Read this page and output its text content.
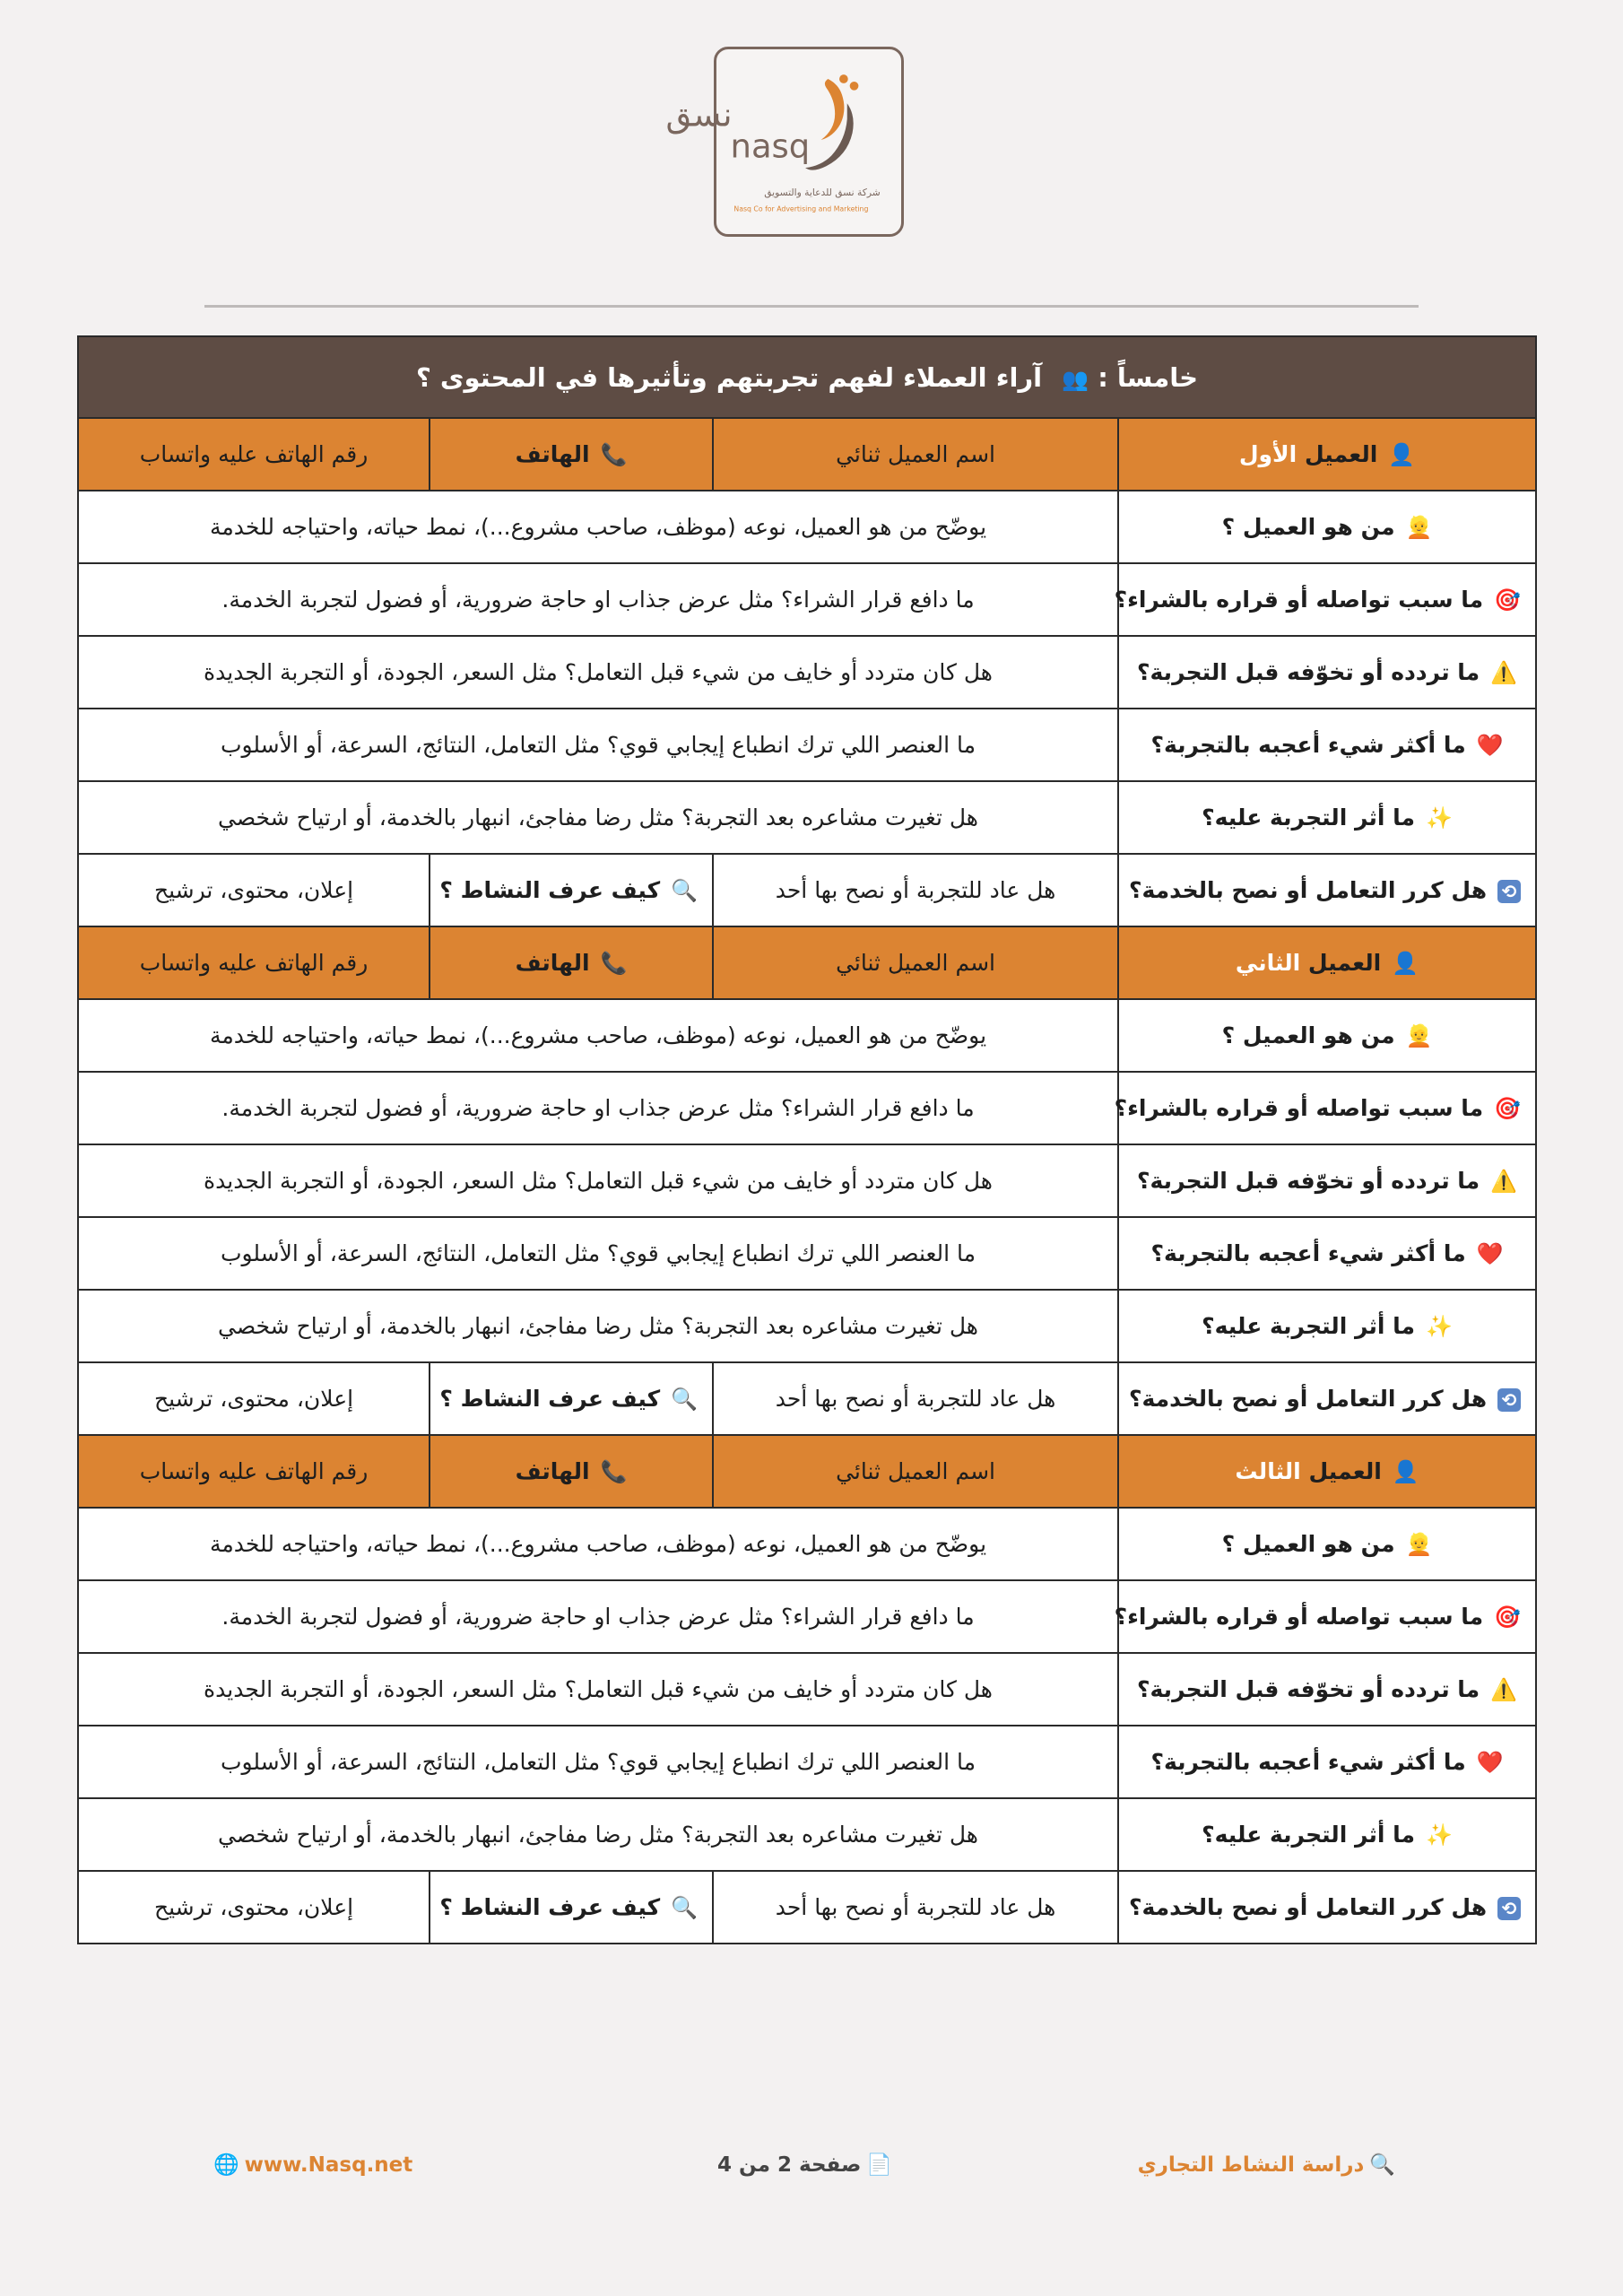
نسق
nasq
شركة نسق للدعاية والتسويق
Nasq Co for Advertising and Marketing
خامساً : 👥 آراء العملاء لفهم تجربتهم وتأثيرها في المحتوى ؟			
👤العميل الأول	اسم العميل ثنائي	📞الهاتف	رقم الهاتف عليه واتساب
👱من هو العميل ؟	يوضّح من هو العميل، نوعه (موظف، صاحب مشروع...)، نمط حياته، واحتياجه للخدمة		
🎯ما سبب تواصله أو قراره بالشراء؟	ما دافع قرار الشراء؟ مثل عرض جذاب او حاجة ضرورية، أو فضول لتجربة الخدمة.		
⚠️ما تردده أو تخوّفه قبل التجربة؟	هل كان متردد أو خايف من شيء قبل التعامل؟ مثل السعر، الجودة، أو التجربة الجديدة		
❤️ما أكثر شيء أعجبه بالتجربة؟	ما العنصر اللي ترك انطباع إيجابي قوي؟ مثل التعامل، النتائج، السرعة، أو الأسلوب		
✨ما أثر التجربة عليه؟	هل تغيرت مشاعره بعد التجربة؟ مثل رضا مفاجئ، انبهار بالخدمة، أو ارتياح شخصي		
⟲هل كرر التعامل أو نصح بالخدمة؟	هل عاد للتجربة أو نصح بها أحد	🔍كيف عرف النشاط ؟	إعلان، محتوى، ترشيح
👤العميل الثاني	اسم العميل ثنائي	📞الهاتف	رقم الهاتف عليه واتساب
👱من هو العميل ؟	يوضّح من هو العميل، نوعه (موظف، صاحب مشروع...)، نمط حياته، واحتياجه للخدمة		
🎯ما سبب تواصله أو قراره بالشراء؟	ما دافع قرار الشراء؟ مثل عرض جذاب او حاجة ضرورية، أو فضول لتجربة الخدمة.		
⚠️ما تردده أو تخوّفه قبل التجربة؟	هل كان متردد أو خايف من شيء قبل التعامل؟ مثل السعر، الجودة، أو التجربة الجديدة		
❤️ما أكثر شيء أعجبه بالتجربة؟	ما العنصر اللي ترك انطباع إيجابي قوي؟ مثل التعامل، النتائج، السرعة، أو الأسلوب		
✨ما أثر التجربة عليه؟	هل تغيرت مشاعره بعد التجربة؟ مثل رضا مفاجئ، انبهار بالخدمة، أو ارتياح شخصي		
⟲هل كرر التعامل أو نصح بالخدمة؟	هل عاد للتجربة أو نصح بها أحد	🔍كيف عرف النشاط ؟	إعلان، محتوى، ترشيح
👤العميل الثالث	اسم العميل ثنائي	📞الهاتف	رقم الهاتف عليه واتساب
👱من هو العميل ؟	يوضّح من هو العميل، نوعه (موظف، صاحب مشروع...)، نمط حياته، واحتياجه للخدمة		
🎯ما سبب تواصله أو قراره بالشراء؟	ما دافع قرار الشراء؟ مثل عرض جذاب او حاجة ضرورية، أو فضول لتجربة الخدمة.		
⚠️ما تردده أو تخوّفه قبل التجربة؟	هل كان متردد أو خايف من شيء قبل التعامل؟ مثل السعر، الجودة، أو التجربة الجديدة		
❤️ما أكثر شيء أعجبه بالتجربة؟	ما العنصر اللي ترك انطباع إيجابي قوي؟ مثل التعامل، النتائج، السرعة، أو الأسلوب		
✨ما أثر التجربة عليه؟	هل تغيرت مشاعره بعد التجربة؟ مثل رضا مفاجئ، انبهار بالخدمة، أو ارتياح شخصي		
⟲هل كرر التعامل أو نصح بالخدمة؟	هل عاد للتجربة أو نصح بها أحد	🔍كيف عرف النشاط ؟	إعلان، محتوى، ترشيح
🔍دراسة النشاط التجاري
📄صفحة 2 من 4
🌐 www.Nasq.net
